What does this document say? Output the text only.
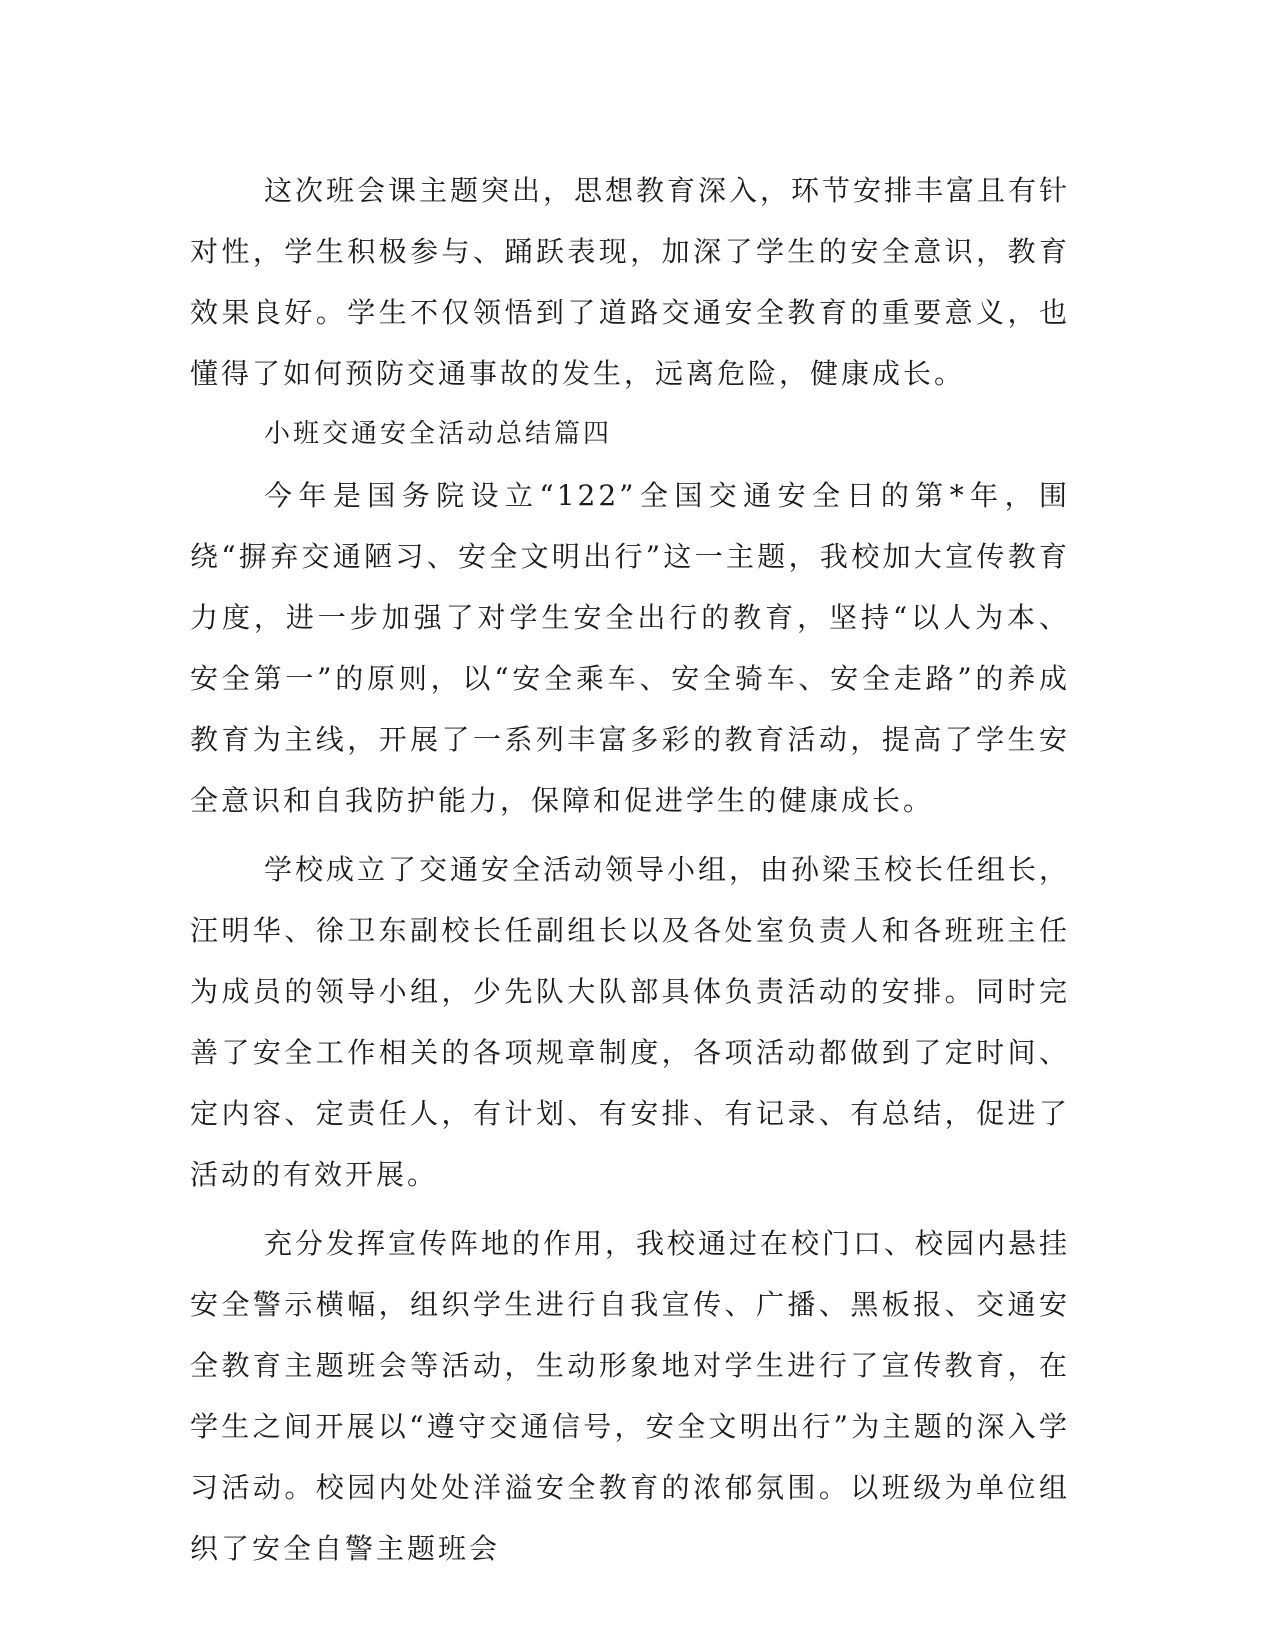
这次班会课主题突出，思想教育深入，环节安排丰富且有针对性，学生积极参与、踊跃表现，加深了学生的安全意识，教育效果良好。学生不仅领悟到了道路交通安全教育的重要意义，也懂得了如何预防交通事故的发生，远离危险，健康成长。

小班交通安全活动总结篇四

今年是国务院设立“122”全国交通安全日的第*年，围绕“摒弃交通陋习、安全文明出行”这一主题，我校加大宣传教育力度，进一步加强了对学生安全出行的教育，坚持“以人为本、安全第一”的原则，以“安全乘车、安全骑车、安全走路”的养成教育为主线，开展了一系列丰富多彩的教育活动，提高了学生安全意识和自我防护能力，保障和促进学生的健康成长。

学校成立了交通安全活动领导小组，由孙梁玉校长任组长，汪明华、徐卫东副校长任副组长以及各处室负责人和各班班主任为成员的领导小组，少先队大队部具体负责活动的安排。同时完善了安全工作相关的各项规章制度，各项活动都做到了定时间、定内容、定责任人，有计划、有安排、有记录、有总结，促进了活动的有效开展。

充分发挥宣传阵地的作用，我校通过在校门口、校园内悬挂安全警示横幅，组织学生进行自我宣传、广播、黑板报、交通安全教育主题班会等活动，生动形象地对学生进行了宣传教育，在学生之间开展以“遵守交通信号，安全文明出行”为主题的深入学习活动。校园内处处洋溢安全教育的浓郁氛围。以班级为单位组织了安全自警主题班会
